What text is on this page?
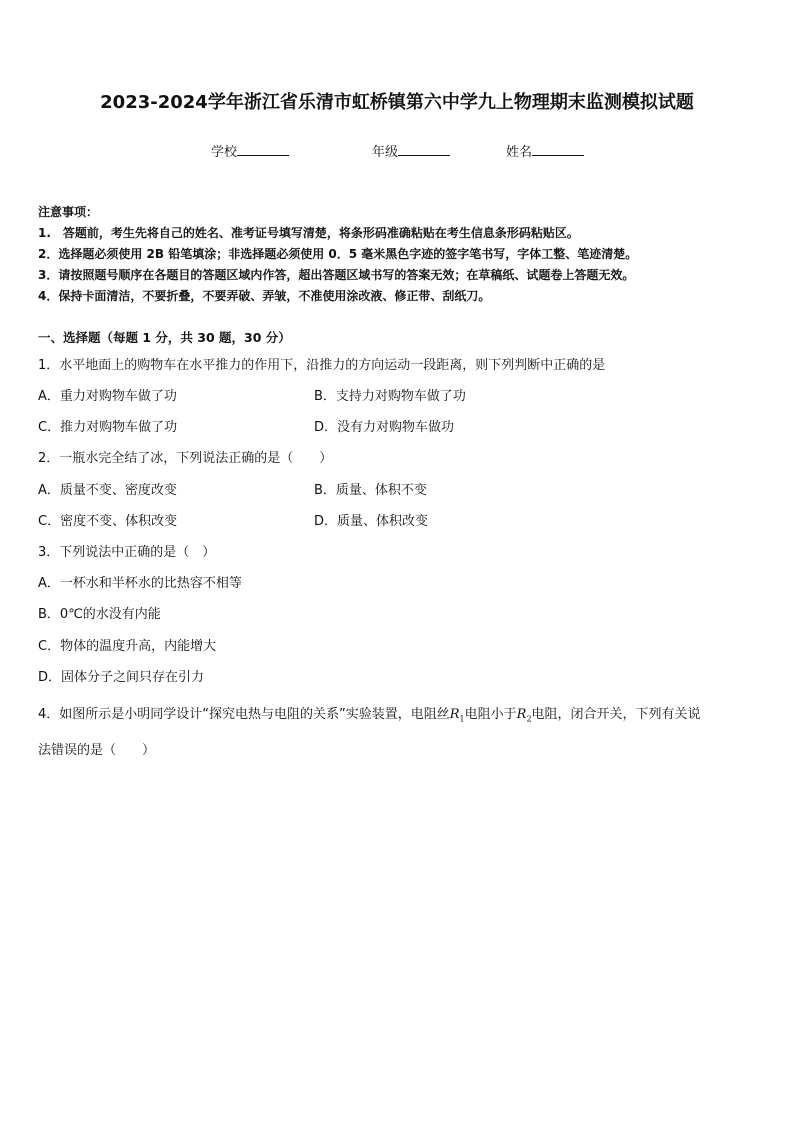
2023-2024学年浙江省乐清市虹桥镇第六中学九上物理期末监测模拟试题
学校	年级	姓名
注意事项：
1.　答题前，考生先将自己的姓名、准考证号填写清楚，将条形码准确粘贴在考生信息条形码粘贴区。
2．选择题必须使用 2B 铅笔填涂；非选择题必须使用 0．5 毫米黑色字迹的签字笔书写，字体工整、笔迹清楚。
3．请按照题号顺序在各题目的答题区域内作答，超出答题区域书写的答案无效；在草稿纸、试题卷上答题无效。
4．保持卡面清洁，不要折叠，不要弄破、弄皱，不准使用涂改液、修正带、刮纸刀。
一、选择题（每题 1 分，共 30 题，30 分）
1．水平地面上的购物车在水平推力的作用下，沿推力的方向运动一段距离，则下列判断中正确的是
A．重力对购物车做了功	B．支持力对购物车做了功
C．推力对购物车做了功	D．没有力对购物车做功
2．一瓶水完全结了冰，下列说法正确的是（　　）
A．质量不变、密度改变	B．质量、体积不变
C．密度不变、体积改变	D．质量、体积改变
3．下列说法中正确的是（　）
A．一杯水和半杯水的比热容不相等
B．0℃的水没有内能
C．物体的温度升高，内能增大
D．固体分子之间只存在引力
4．如图所示是小明同学设计“探究电热与电阻的关系”实验装置，电阻丝$R_1$电阻小于$R_2$电阻，闭合开关，下列有关说
法错误的是（　　）
